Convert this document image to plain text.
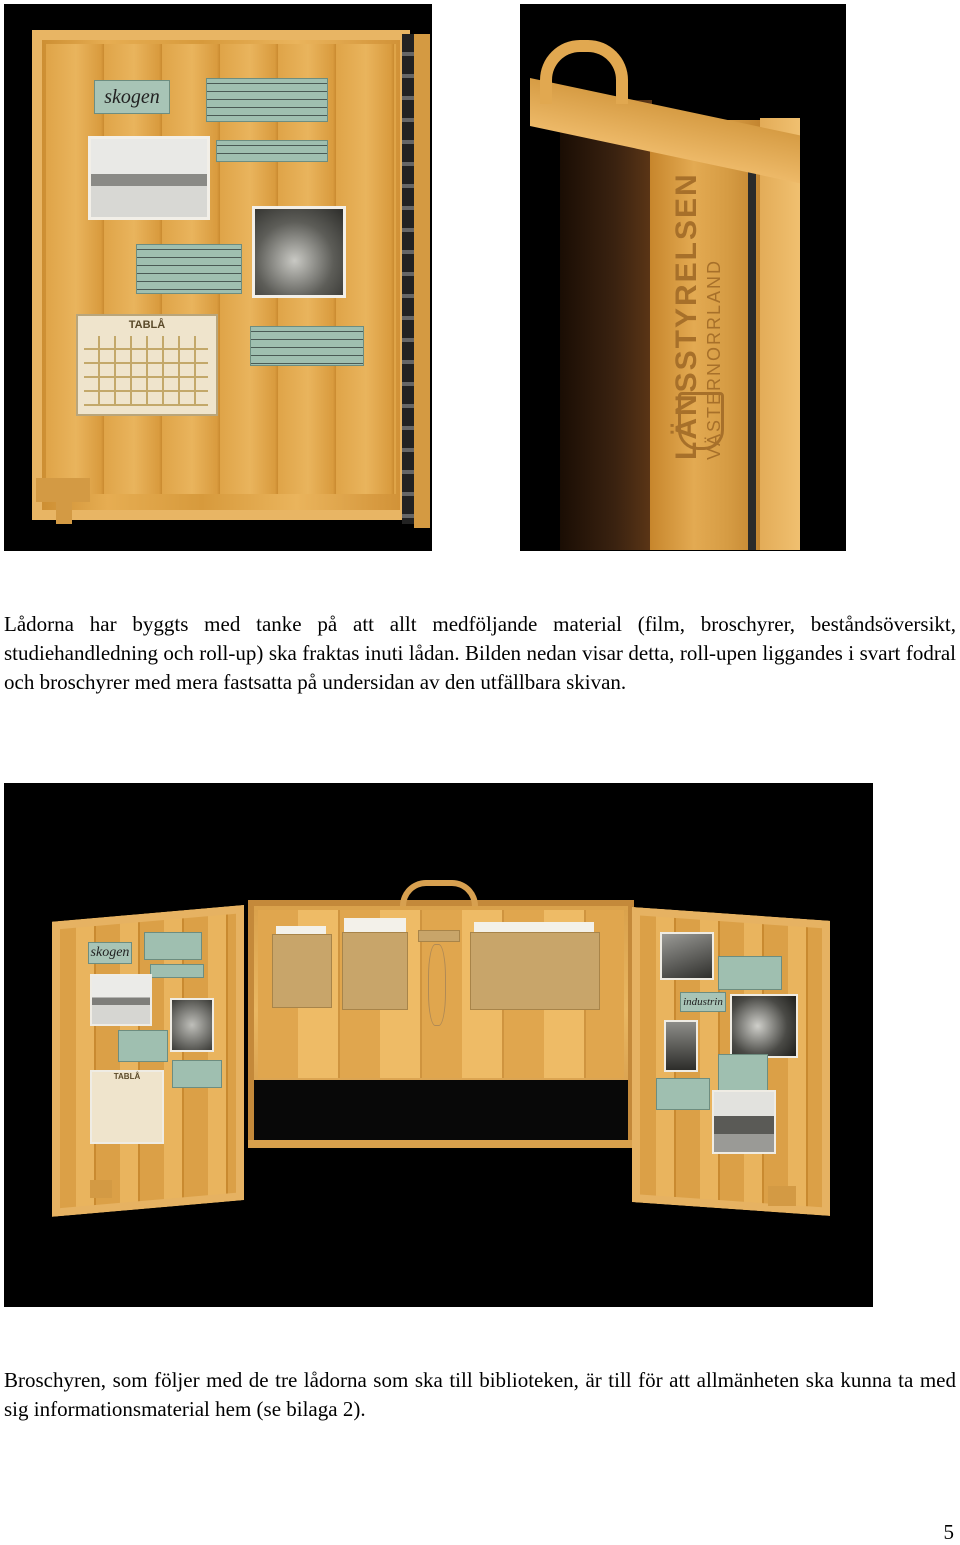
skogen
TABLÅ	LÄNSSTYRELSEN VÄSTERNORRLAND
Lådorna har byggts med tanke på att allt medföljande material (film, broschyrer, beståndsöversikt, studiehandledning och roll-up) ska fraktas inuti lådan. Bilden nedan visar detta, roll-upen liggandes i svart fodral och broschyrer med mera fastsatta på undersidan av den utfällbara skivan.
skogen
TABLÅ
industrin
Broschyren, som följer med de tre lådorna som ska till biblioteken, är till för att allmänheten ska kunna ta med sig informationsmaterial hem (se bilaga 2).
5
